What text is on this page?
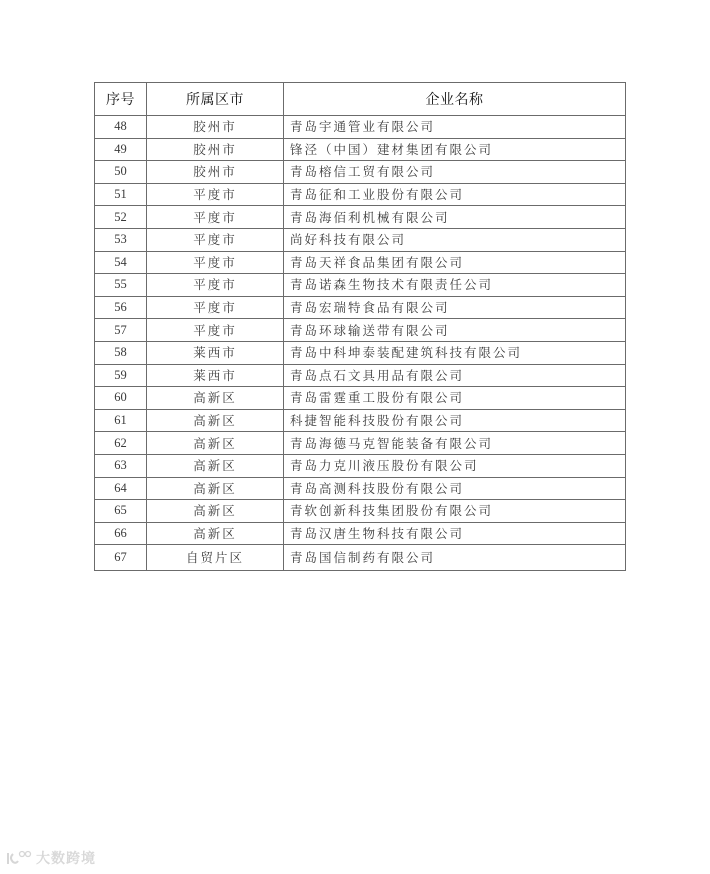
序号	所属区市	企业名称
48	胶州市	青岛宇通管业有限公司
49	胶州市	锋泾（中国）建材集团有限公司
50	胶州市	青岛榕信工贸有限公司
51	平度市	青岛征和工业股份有限公司
52	平度市	青岛海佰利机械有限公司
53	平度市	尚好科技有限公司
54	平度市	青岛天祥食品集团有限公司
55	平度市	青岛诺森生物技术有限责任公司
56	平度市	青岛宏瑞特食品有限公司
57	平度市	青岛环球输送带有限公司
58	莱西市	青岛中科坤泰装配建筑科技有限公司
59	莱西市	青岛点石文具用品有限公司
60	高新区	青岛雷霆重工股份有限公司
61	高新区	科捷智能科技股份有限公司
62	高新区	青岛海德马克智能装备有限公司
63	高新区	青岛力克川液压股份有限公司
64	高新区	青岛高测科技股份有限公司
65	高新区	青软创新科技集团股份有限公司
66	高新区	青岛汉唐生物科技有限公司
67	自贸片区	青岛国信制药有限公司
大数跨境
